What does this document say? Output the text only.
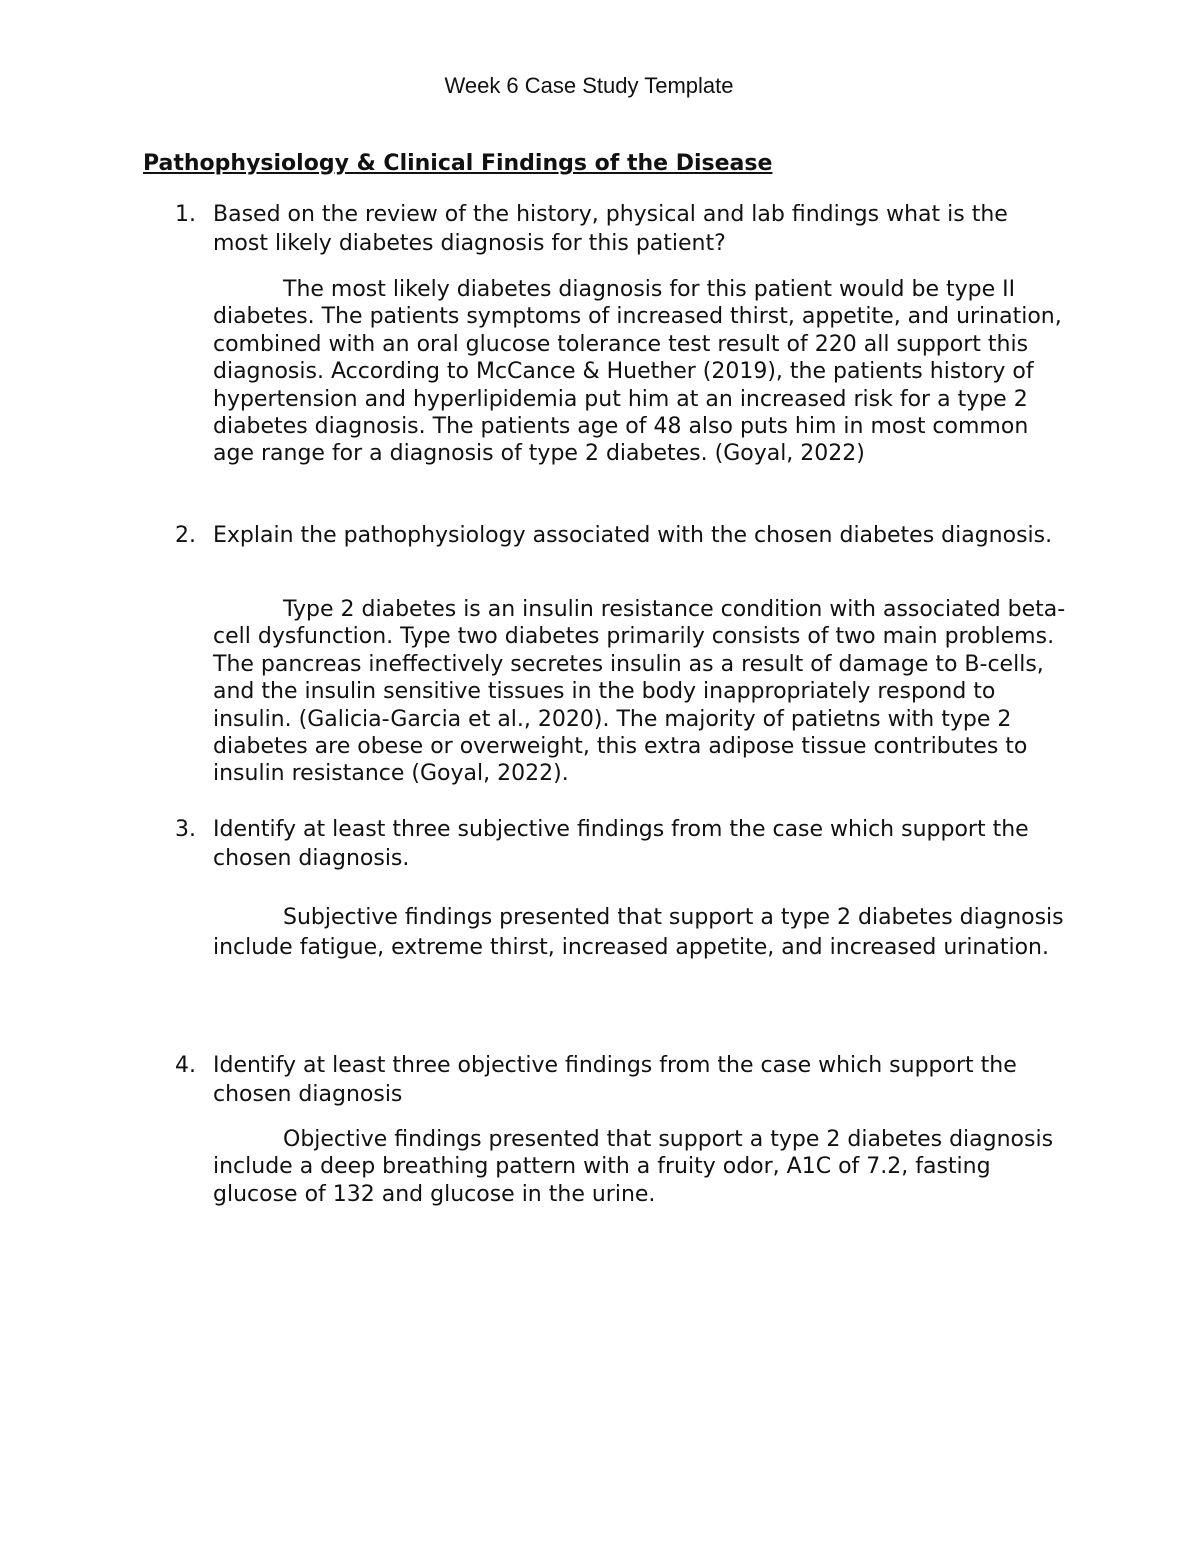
Week 6 Case Study Template
Pathophysiology & Clinical Findings of the Disease
1. Based on the review of the history, physical and lab findings what is the most likely diabetes diagnosis for this patient?

The most likely diabetes diagnosis for this patient would be type II diabetes. The patients symptoms of increased thirst, appetite, and urination, combined with an oral glucose tolerance test result of 220 all support this diagnosis. According to McCance & Huether (2019), the patients history of hypertension and hyperlipidemia put him at an increased risk for a type 2 diabetes diagnosis. The patients age of 48 also puts him in most common age range for a diagnosis of type 2 diabetes. (Goyal, 2022)

2. Explain the pathophysiology associated with the chosen diabetes diagnosis.

Type 2 diabetes is an insulin resistance condition with associated beta-cell dysfunction. Type two diabetes primarily consists of two main problems. The pancreas ineffectively secretes insulin as a result of damage to B-cells, and the insulin sensitive tissues in the body inappropriately respond to insulin. (Galicia-Garcia et al., 2020). The majority of patietns with type 2 diabetes are obese or overweight, this extra adipose tissue contributes to insulin resistance (Goyal, 2022).

3. Identify at least three subjective findings from the case which support the chosen diagnosis.

Subjective findings presented that support a type 2 diabetes diagnosis include fatigue, extreme thirst, increased appetite, and increased urination.

4. Identify at least three objective findings from the case which support the chosen diagnosis

Objective findings presented that support a type 2 diabetes diagnosis include a deep breathing pattern with a fruity odor, A1C of 7.2, fasting glucose of 132 and glucose in the urine.
